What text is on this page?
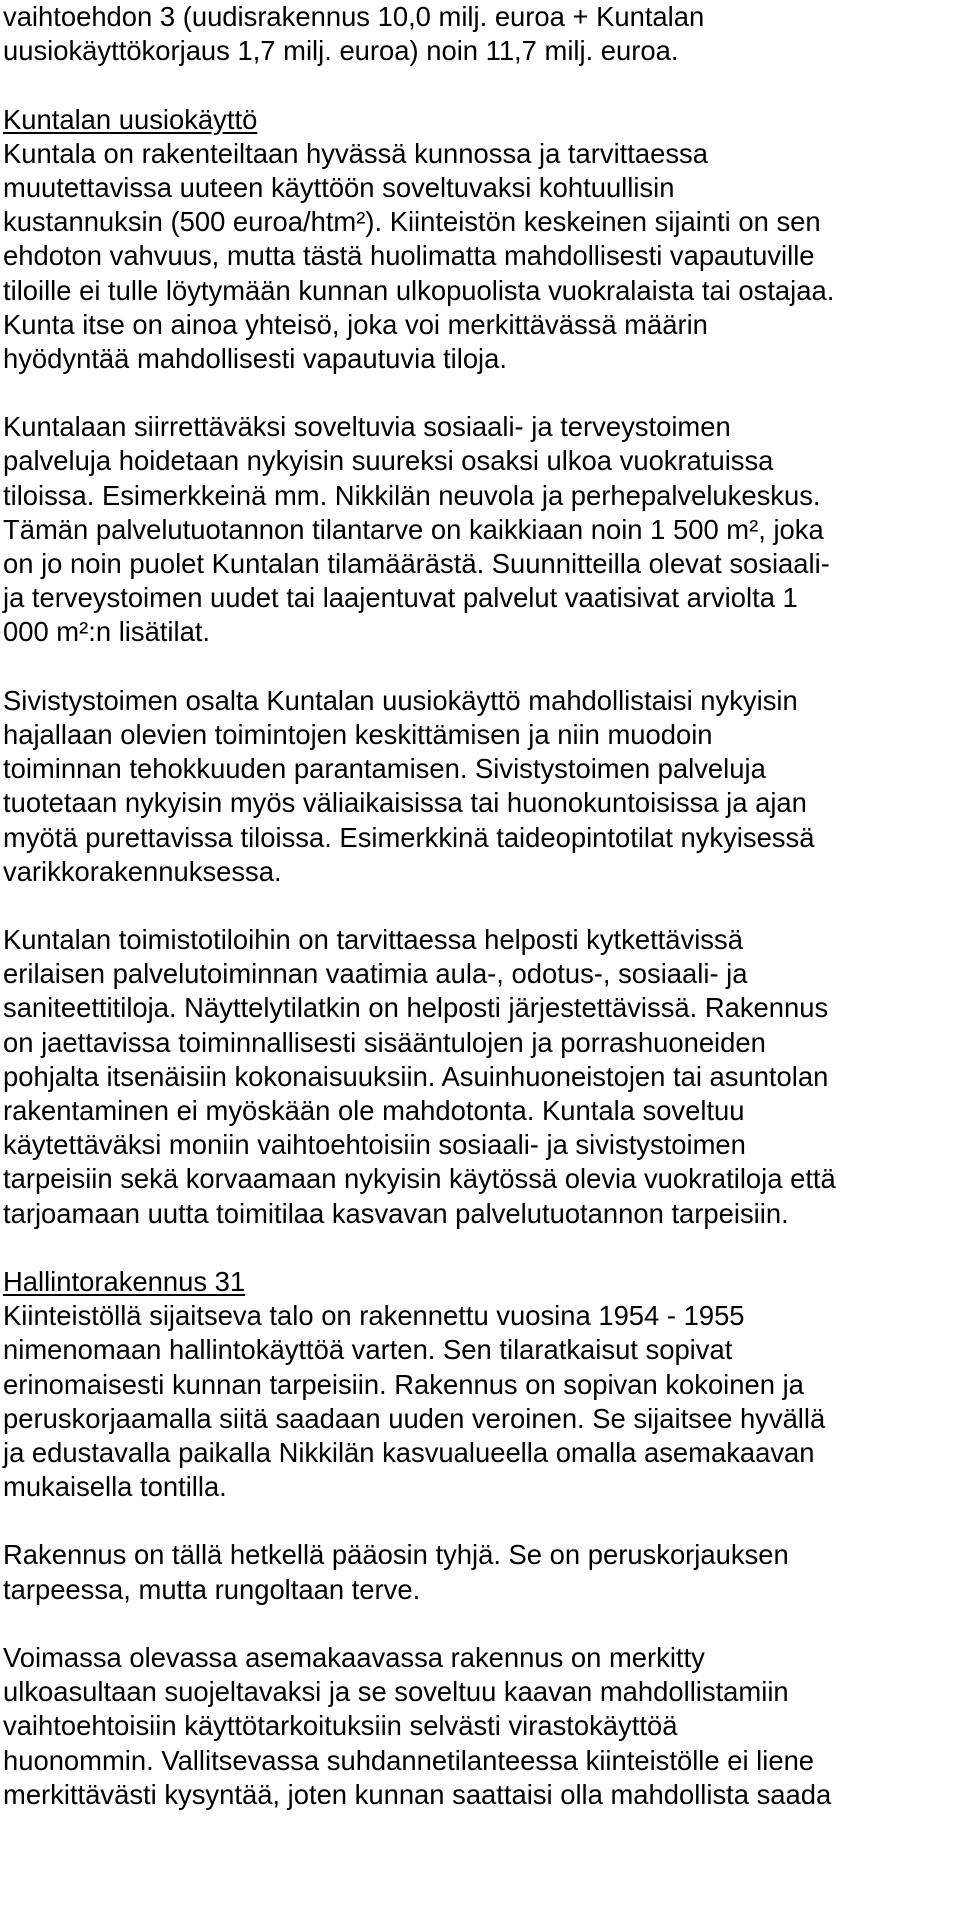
vaihtoehdon 3 (uudisrakennus 10,0 milj. euroa + Kuntalan
uusiokäyttökorjaus 1,7 milj. euroa) noin 11,7 milj. euroa.
Kuntalan uusiokäyttö
Kuntala on rakenteiltaan hyvässä kunnossa ja tarvittaessa
muutettavissa uuteen käyttöön soveltuvaksi kohtuullisin
kustannuksin (500 euroa/htm²). Kiinteistön keskeinen sijainti on sen
ehdoton vahvuus, mutta tästä huolimatta mahdollisesti vapautuville
tiloille ei tulle löytymään kunnan ulkopuolista vuokralaista tai ostajaa.
Kunta itse on ainoa yhteisö, joka voi merkittävässä määrin
hyödyntää mahdollisesti vapautuvia tiloja.
Kuntalaan siirrettäväksi soveltuvia sosiaali- ja terveystoimen
palveluja hoidetaan nykyisin suureksi osaksi ulkoa vuokratuissa
tiloissa. Esimerkkeinä mm. Nikkilän neuvola ja perhepalvelukeskus.
Tämän palvelutuotannon tilantarve on kaikkiaan noin 1 500 m², joka
on jo noin puolet Kuntalan tilamäärästä. Suunnitteilla olevat sosiaali-
ja terveystoimen uudet tai laajentuvat palvelut vaatisivat arviolta 1
000 m²:n lisätilat.
Sivistystoimen osalta Kuntalan uusiokäyttö mahdollistaisi nykyisin
hajallaan olevien toimintojen keskittämisen ja niin muodoin
toiminnan tehokkuuden parantamisen. Sivistystoimen palveluja
tuotetaan nykyisin myös väliaikaisissa tai huonokuntoisissa ja ajan
myötä purettavissa tiloissa. Esimerkkinä taideopintotilat nykyisessä
varikkorakennuksessa.
Kuntalan toimistotiloihin on tarvittaessa helposti kytkettävissä
erilaisen palvelutoiminnan vaatimia aula-, odotus-, sosiaali- ja
saniteettitiloja. Näyttelytilatkin on helposti järjestettävissä. Rakennus
on jaettavissa toiminnallisesti sisääntulojen ja porrashuoneiden
pohjalta itsenäisiin kokonaisuuksiin. Asuinhuoneistojen tai asuntolan
rakentaminen ei myöskään ole mahdotonta. Kuntala soveltuu
käytettäväksi moniin vaihtoehtoisiin sosiaali- ja sivistystoimen
tarpeisiin sekä korvaamaan nykyisin käytössä olevia vuokratiloja että
tarjoamaan uutta toimitilaa kasvavan palvelutuotannon tarpeisiin.
Hallintorakennus 31
Kiinteistöllä sijaitseva talo on rakennettu vuosina 1954 - 1955
nimenomaan hallintokäyttöä varten. Sen tilaratkaisut sopivat
erinomaisesti kunnan tarpeisiin. Rakennus on sopivan kokoinen ja
peruskorjaamalla siitä saadaan uuden veroinen. Se sijaitsee hyvällä
ja edustavalla paikalla Nikkilän kasvualueella omalla asemakaavan
mukaisella tontilla.
Rakennus on tällä hetkellä pääosin tyhjä. Se on peruskorjauksen
tarpeessa, mutta rungoltaan terve.
Voimassa olevassa asemakaavassa rakennus on merkitty
ulkoasultaan suojeltavaksi ja se soveltuu kaavan mahdollistamiin
vaihtoehtoisiin käyttötarkoituksiin selvästi virastokäyttöä
huonommin. Vallitsevassa suhdannetilanteessa kiinteistölle ei liene
merkittävästi kysyntää, joten kunnan saattaisi olla mahdollista saada
